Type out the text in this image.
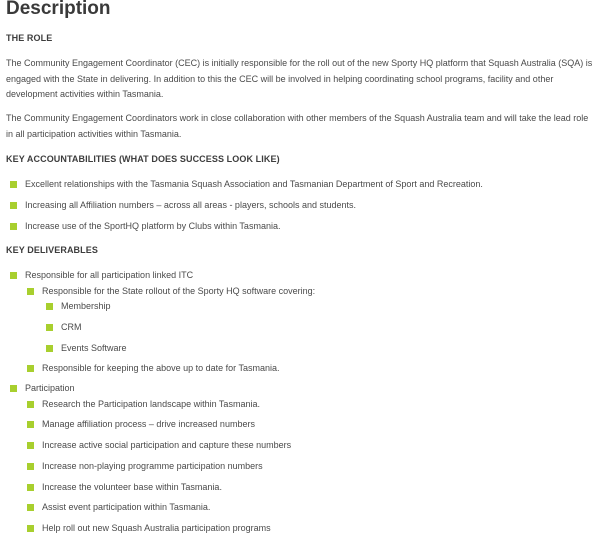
Description
THE ROLE
The Community Engagement Coordinator (CEC) is initially responsible for the roll out of the new Sporty HQ platform that Squash Australia (SQA) is engaged with the State in delivering. In addition to this the CEC will be involved in helping coordinating school programs, facility and other development activities within Tasmania.
The Community Engagement Coordinators work in close collaboration with other members of the Squash Australia team and will take the lead role in all participation activities within Tasmania.
KEY ACCOUNTABILITIES (WHAT DOES SUCCESS LOOK LIKE)
Excellent relationships with the Tasmania Squash Association and Tasmanian Department of Sport and Recreation.
Increasing all Affiliation numbers – across all areas - players, schools and students.
Increase use of the SportHQ platform by Clubs within Tasmania.
KEY DELIVERABLES
Responsible for all participation linked ITC
Responsible for the State rollout of the Sporty HQ software covering:
Membership
CRM
Events Software
Responsible for keeping the above up to date for Tasmania.
Participation
Research the Participation landscape within Tasmania.
Manage affiliation process – drive increased numbers
Increase active social participation and capture these numbers
Increase non-playing programme participation numbers
Increase the volunteer base within Tasmania.
Assist event participation within Tasmania.
Help roll out new Squash Australia participation programs
